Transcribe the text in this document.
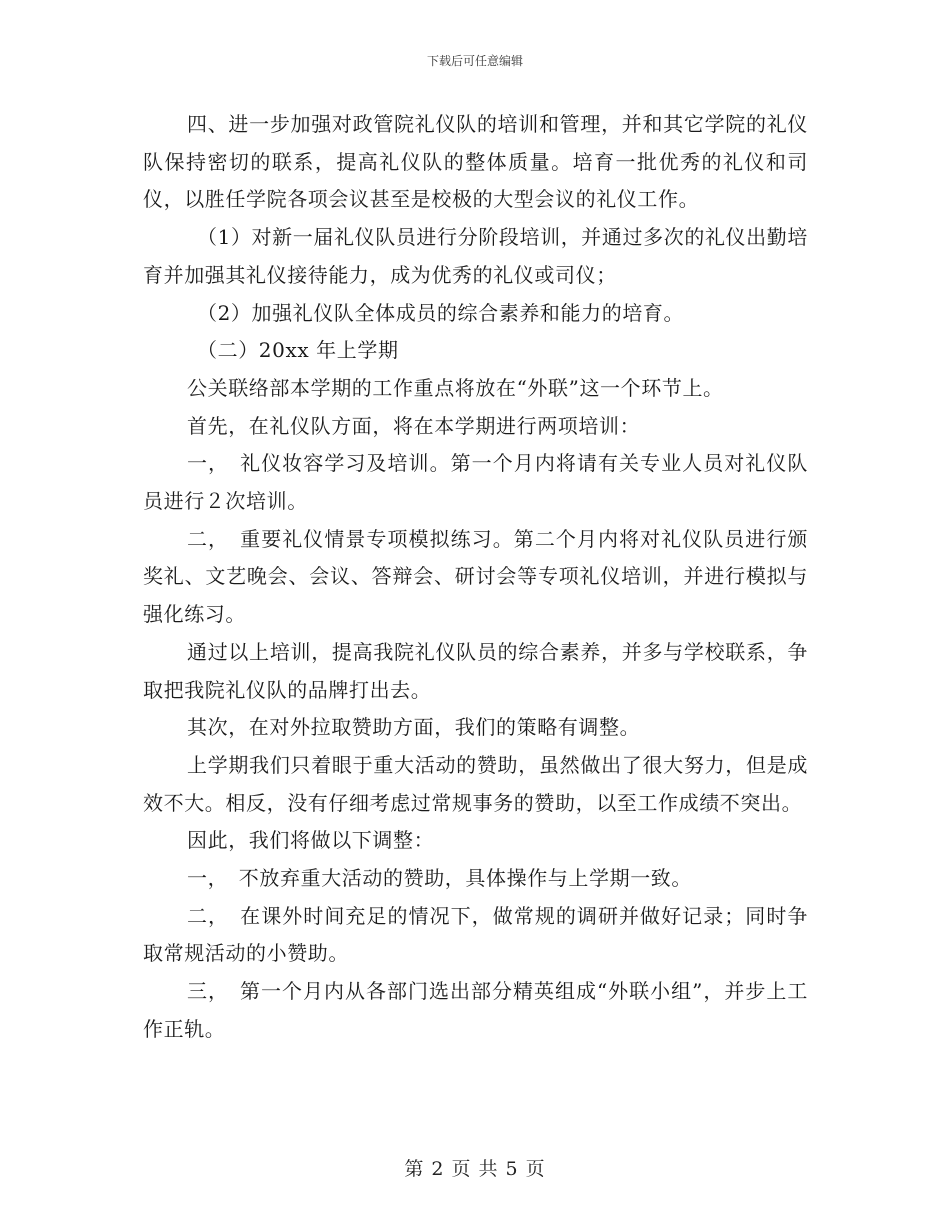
下载后可任意编辑

四、进一步加强对政管院礼仪队的培训和管理，并和其它学院的礼仪队保持密切的联系，提高礼仪队的整体质量。培育一批优秀的礼仪和司仪，以胜任学院各项会议甚至是校极的大型会议的礼仪工作。

（1）对新一届礼仪队员进行分阶段培训，并通过多次的礼仪出勤培育并加强其礼仪接待能力，成为优秀的礼仪或司仪；

（2）加强礼仪队全体成员的综合素养和能力的培育。

（二）20xx 年上学期

公关联络部本学期的工作重点将放在“外联”这一个环节上。

首先，在礼仪队方面，将在本学期进行两项培训：

一，　礼仪妆容学习及培训。第一个月内将请有关专业人员对礼仪队员进行２次培训。

二，　重要礼仪情景专项模拟练习。第二个月内将对礼仪队员进行颁奖礼、文艺晚会、会议、答辩会、研讨会等专项礼仪培训，并进行模拟与强化练习。

通过以上培训，提高我院礼仪队员的综合素养，并多与学校联系，争取把我院礼仪队的品牌打出去。

其次，在对外拉取赞助方面，我们的策略有调整。

上学期我们只着眼于重大活动的赞助，虽然做出了很大努力，但是成效不大。相反，没有仔细考虑过常规事务的赞助，以至工作成绩不突出。

因此，我们将做以下调整：

一，　不放弃重大活动的赞助，具体操作与上学期一致。

二，　在课外时间充足的情况下，做常规的调研并做好记录；同时争取常规活动的小赞助。

三，　第一个月内从各部门选出部分精英组成“外联小组”，并步上工作正轨。

第 2 页 共 5 页
